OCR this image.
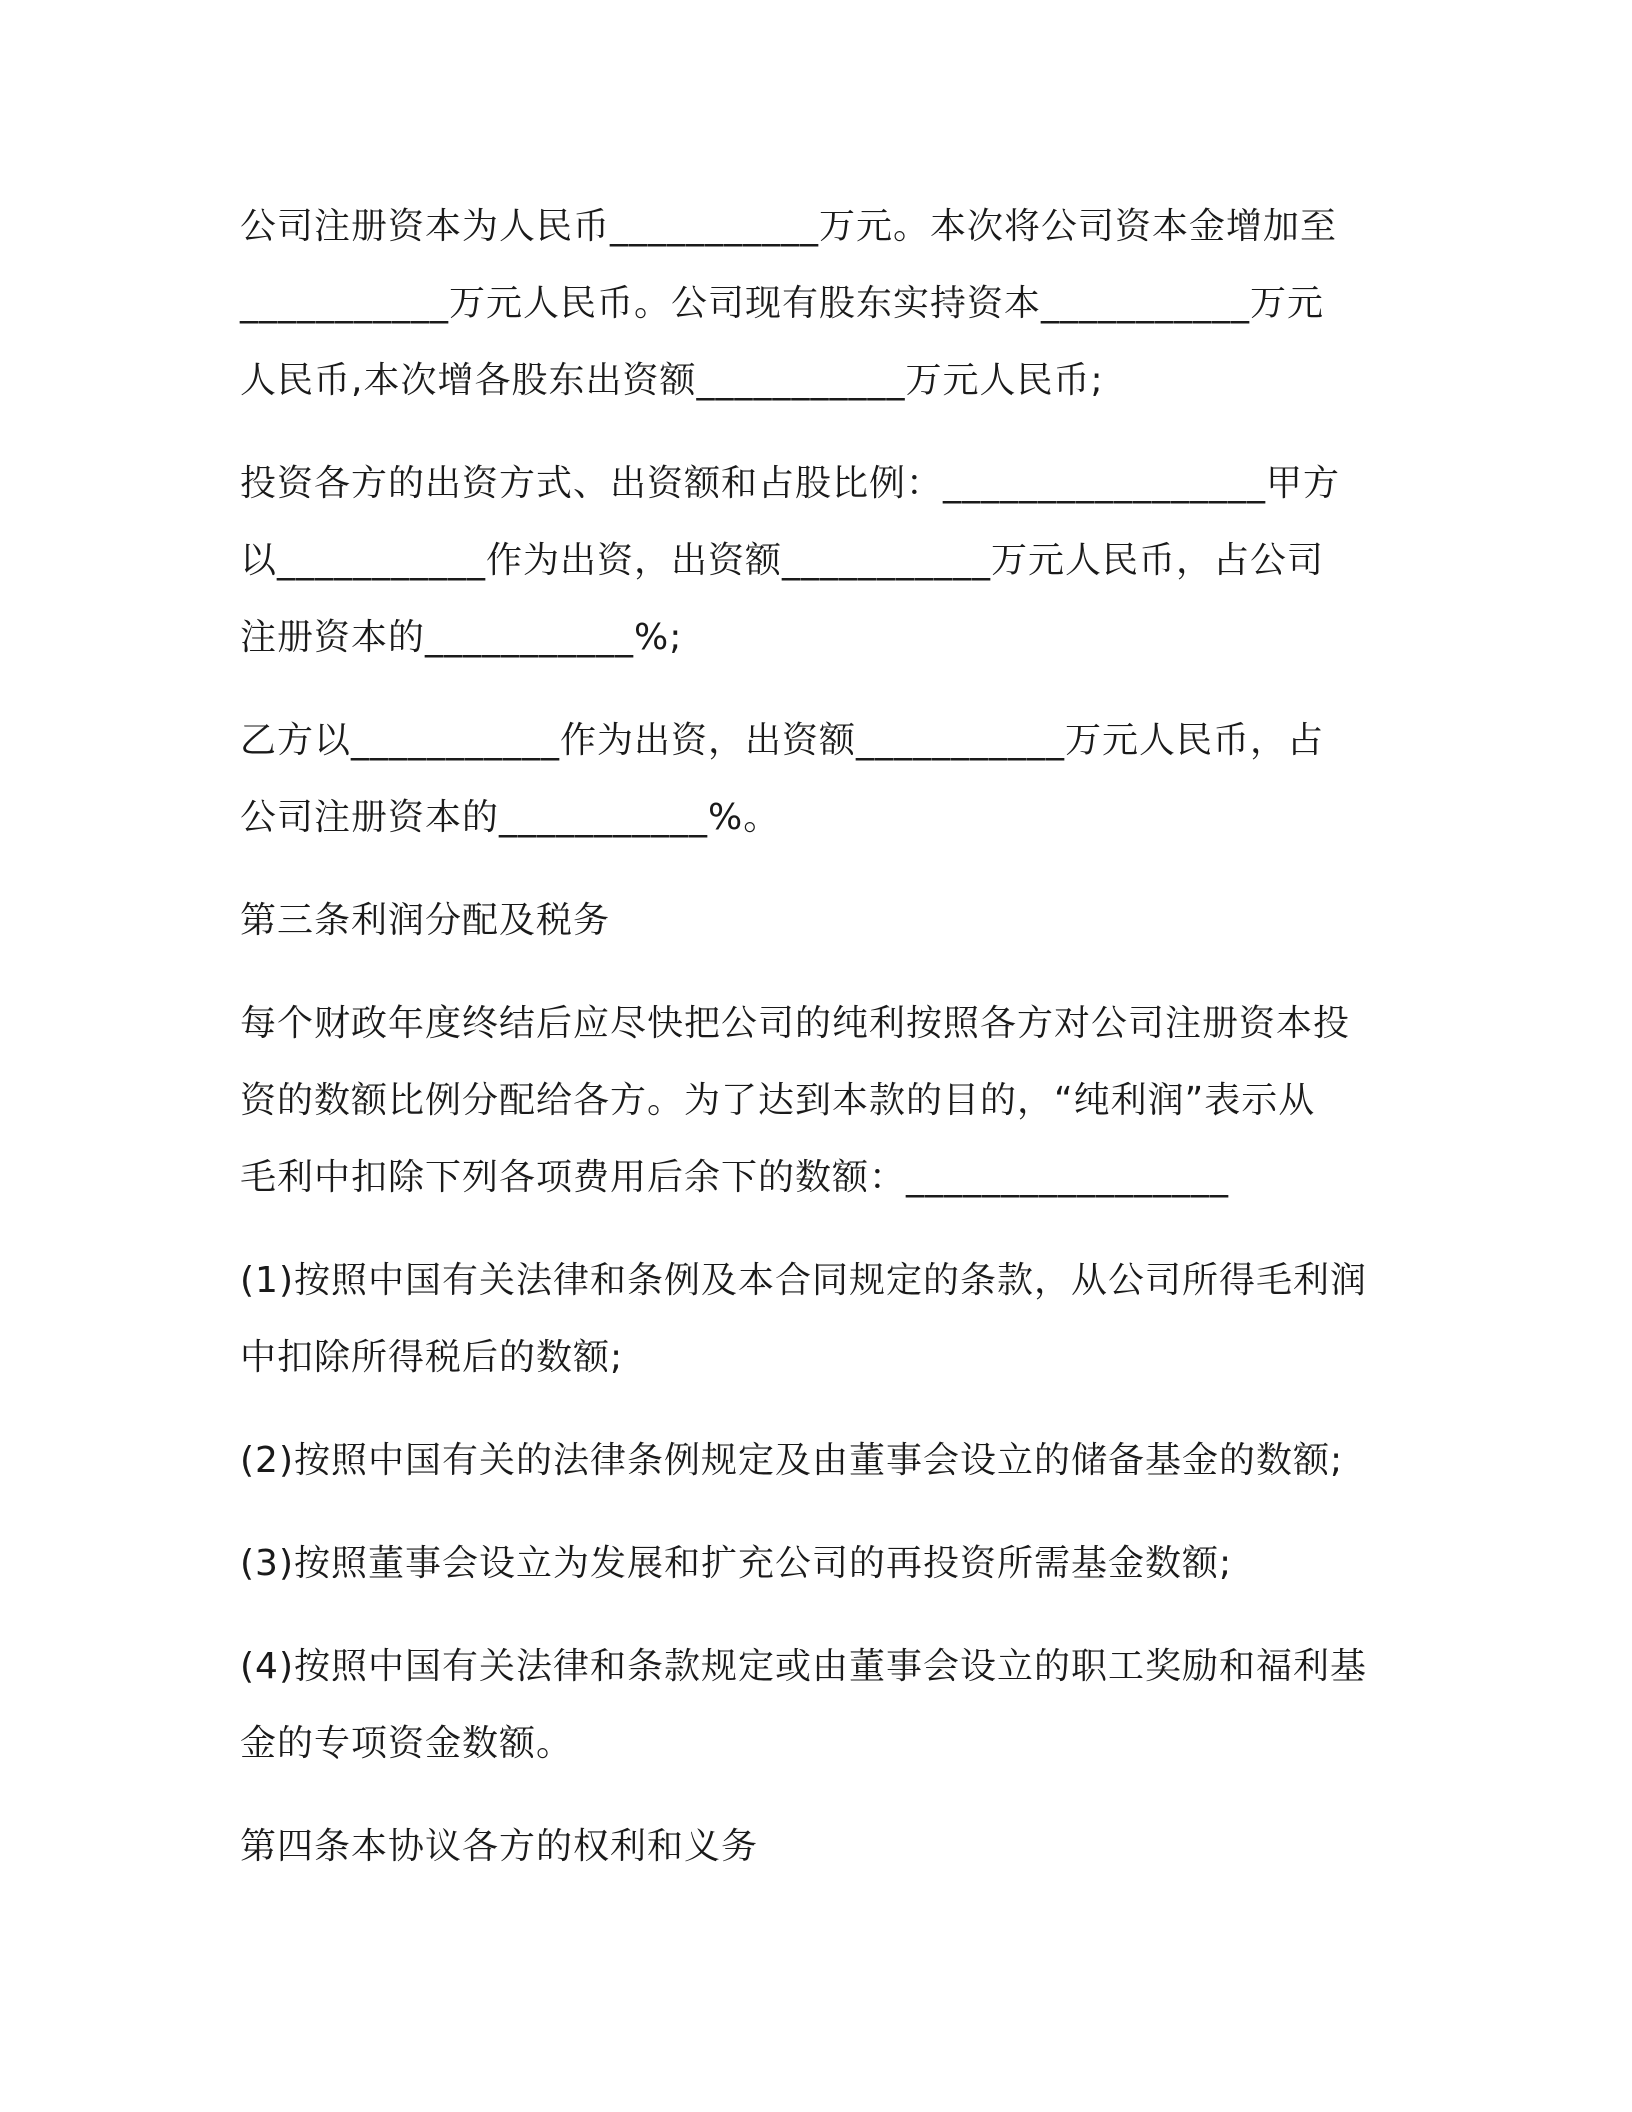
公司注册资本为人民币___________万元。本次将公司资本金增加至
___________万元人民币。公司现有股东实持资本___________万元
人民币,本次增各股东出资额___________万元人民币;

投资各方的出资方式、出资额和占股比例：_________________甲方
以___________作为出资，出资额___________万元人民币，占公司
注册资本的___________%;

乙方以___________作为出资，出资额___________万元人民币，占
公司注册资本的___________%。

第三条利润分配及税务

每个财政年度终结后应尽快把公司的纯利按照各方对公司注册资本投
资的数额比例分配给各方。为了达到本款的目的，“纯利润”表示从
毛利中扣除下列各项费用后余下的数额：_________________

(1)按照中国有关法律和条例及本合同规定的条款，从公司所得毛利润
中扣除所得税后的数额;

(2)按照中国有关的法律条例规定及由董事会设立的储备基金的数额;

(3)按照董事会设立为发展和扩充公司的再投资所需基金数额;

(4)按照中国有关法律和条款规定或由董事会设立的职工奖励和福利基
金的专项资金数额。

第四条本协议各方的权利和义务
